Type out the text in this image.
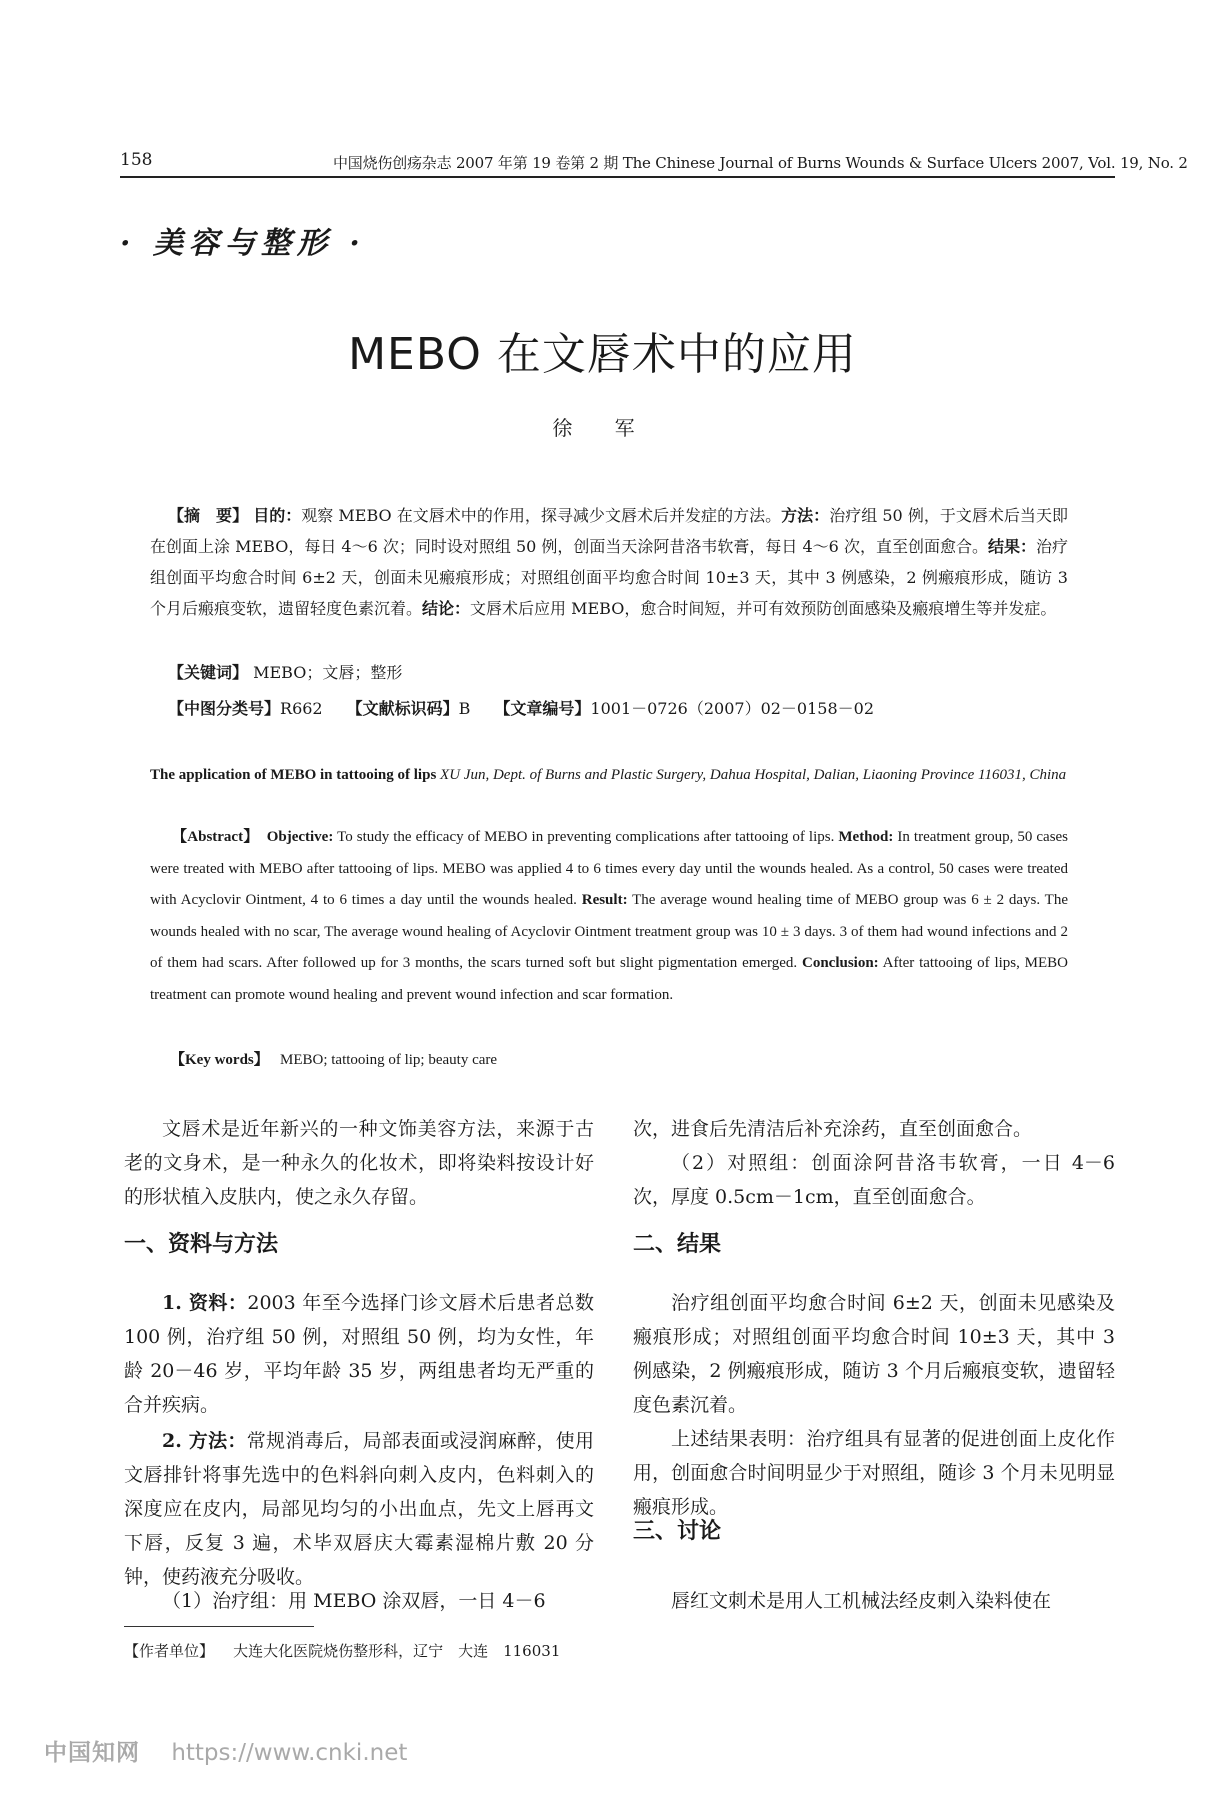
158	中国烧伤创疡杂志 2007 年第 19 卷第 2 期 The Chinese Journal of Burns Wounds & Surface Ulcers 2007, Vol. 19, No. 2
· 美容与整形 ·
MEBO 在文唇术中的应用
徐 军
【摘　要】 目的：观察 MEBO 在文唇术中的作用，探寻减少文唇术后并发症的方法。方法：治疗组 50 例，于文唇术后当天即在创面上涂 MEBO，每日 4～6 次；同时设对照组 50 例，创面当天涂阿昔洛韦软膏，每日 4～6 次，直至创面愈合。结果：治疗组创面平均愈合时间 6±2 天，创面未见瘢痕形成；对照组创面平均愈合时间 10±3 天，其中 3 例感染，2 例瘢痕形成，随访 3 个月后瘢痕变软，遗留轻度色素沉着。结论：文唇术后应用 MEBO，愈合时间短，并可有效预防创面感染及瘢痕增生等并发症。
【关键词】 MEBO；文唇；整形
【中图分类号】R662 【文献标识码】B 【文章编号】1001－0726（2007）02－0158－02
The application of MEBO in tattooing of lips XU Jun, Dept. of Burns and Plastic Surgery, Dahua Hospital, Dalian, Liaoning Province 116031, China
【Abstract】 Objective: To study the efficacy of MEBO in preventing complications after tattooing of lips. Method: In treatment group, 50 cases were treated with MEBO after tattooing of lips. MEBO was applied 4 to 6 times every day until the wounds healed. As a control, 50 cases were treated with Acyclovir Ointment, 4 to 6 times a day until the wounds healed. Result: The average wound healing time of MEBO group was 6 ± 2 days. The wounds healed with no scar, The average wound healing of Acyclovir Ointment treatment group was 10 ± 3 days. 3 of them had wound infections and 2 of them had scars. After followed up for 3 months, the scars turned soft but slight pigmentation emerged. Conclusion: After tattooing of lips, MEBO treatment can promote wound healing and prevent wound infection and scar formation.
【Key words】 MEBO; tattooing of lip; beauty care
文唇术是近年新兴的一种文饰美容方法，来源于古老的文身术，是一种永久的化妆术，即将染料按设计好的形状植入皮肤内，使之永久存留。
一、资料与方法
1. 资料：2003 年至今选择门诊文唇术后患者总数 100 例，治疗组 50 例，对照组 50 例，均为女性，年龄 20－46 岁，平均年龄 35 岁，两组患者均无严重的合并疾病。
2. 方法：常规消毒后，局部表面或浸润麻醉，使用文唇排针将事先选中的色料斜向刺入皮内，色料刺入的深度应在皮内，局部见均匀的小出血点，先文上唇再文下唇，反复 3 遍，术毕双唇庆大霉素湿棉片敷 20 分钟，使药液充分吸收。
（1）治疗组：用 MEBO 涂双唇，一日 4－6
次，进食后先清洁后补充涂药，直至创面愈合。
（2）对照组：创面涂阿昔洛韦软膏，一日 4－6 次，厚度 0.5cm－1cm，直至创面愈合。
二、结果
治疗组创面平均愈合时间 6±2 天，创面未见感染及瘢痕形成；对照组创面平均愈合时间 10±3 天，其中 3 例感染，2 例瘢痕形成，随访 3 个月后瘢痕变软，遗留轻度色素沉着。
上述结果表明：治疗组具有显著的促进创面上皮化作用，创面愈合时间明显少于对照组，随诊 3 个月未见明显瘢痕形成。
三、讨论
唇红文刺术是用人工机械法经皮刺入染料使在
【作者单位】 大连大化医院烧伤整形科，辽宁　大连　116031
中国知网 https://www.cnki.net
